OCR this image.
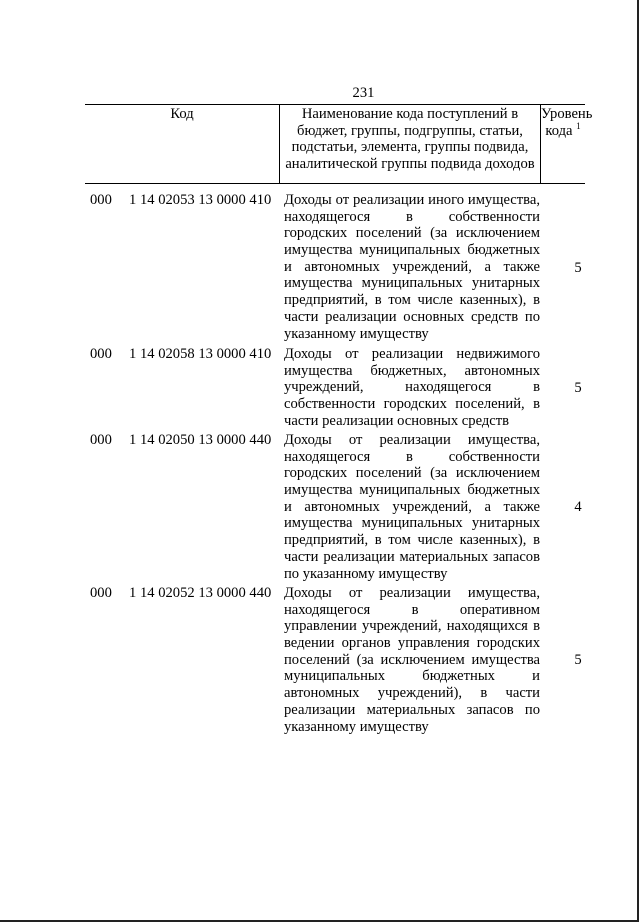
231
Код	Наименование кода поступлений в
бюджет, группы, подгруппы, статьи,
подстатьи, элемента, группы подвида,
аналитической группы подвида доходов
Уровень
кода $^1$
000 1 14 02053 13 0000 410 Доходы от реализации иного имущества,
находящегося в собственности
городских поселений (за исключением
имущества муниципальных бюджетных
и автономных учреждений, а также
имущества муниципальных унитарных
предприятий, в том числе казенных), в
части реализации основных средств по
указанному имуществу
5
000 1 14 02058 13 0000 410 Доходы от реализации недвижимого
имущества бюджетных, автономных
учреждений, находящегося в
собственности городских поселений, в
части реализации основных средств
5
000 1 14 02050 13 0000 440 Доходы от реализации имущества,
находящегося в собственности
городских поселений (за исключением
имущества муниципальных бюджетных
и автономных учреждений, а также
имущества муниципальных унитарных
предприятий, в том числе казенных), в
части реализации материальных запасов
по указанному имуществу
4
000 1 14 02052 13 0000 440 Доходы от реализации имущества,
находящегося в оперативном
управлении учреждений, находящихся в
ведении органов управления городских
поселений (за исключением имущества
муниципальных бюджетных и
автономных учреждений), в части
реализации материальных запасов по
указанному имуществу
5
